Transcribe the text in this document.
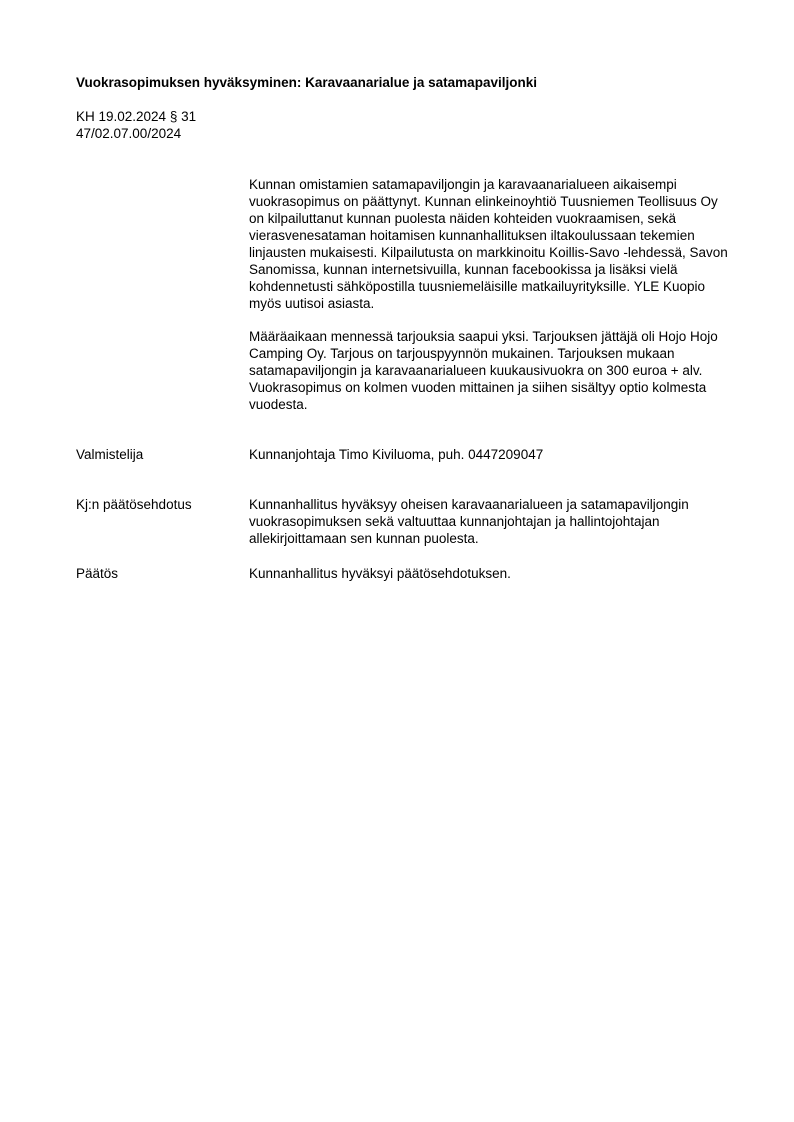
Vuokrasopimuksen hyväksyminen: Karavaanarialue ja satamapaviljonki
KH 19.02.2024 § 31
47/02.07.00/2024

Kunnan omistamien satamapaviljongin ja karavaanarialueen aikaisempi vuokrasopimus on päättynyt. Kunnan elinkeinoyhtiö Tuusniemen Teollisuus Oy on kilpailuttanut kunnan puolesta näiden kohteiden vuokraamisen, sekä vierasvenesataman hoitamisen kunnanhallituksen iltakoulussaan tekemien linjausten mukaisesti. Kilpailutusta on markkinoitu Koillis-Savo -lehdessä, Savon Sanomissa, kunnan internetsivuilla, kunnan facebookissa ja lisäksi vielä kohdennetusti sähköpostilla tuusniemeläisille matkailuyrityksille. YLE Kuopio myös uutisoi asiasta.

Määräaikaan mennessä tarjouksia saapui yksi. Tarjouksen jättäjä oli Hojo Hojo Camping Oy. Tarjous on tarjouspyynnön mukainen. Tarjouksen mukaan satamapaviljongin ja karavaanarialueen kuukausivuokra on 300 euroa + alv. Vuokrasopimus on kolmen vuoden mittainen ja siihen sisältyy optio kolmesta vuodesta.

Valmistelija	Kunnanjohtaja Timo Kiviluoma, puh. 0447209047
Kj:n päätösehdotus	Kunnanhallitus hyväksyy oheisen karavaanarialueen ja satamapaviljongin vuokrasopimuksen sekä valtuuttaa kunnanjohtajan ja hallintojohtajan allekirjoittamaan sen kunnan puolesta.
Päätös	Kunnanhallitus hyväksyi päätösehdotuksen.
